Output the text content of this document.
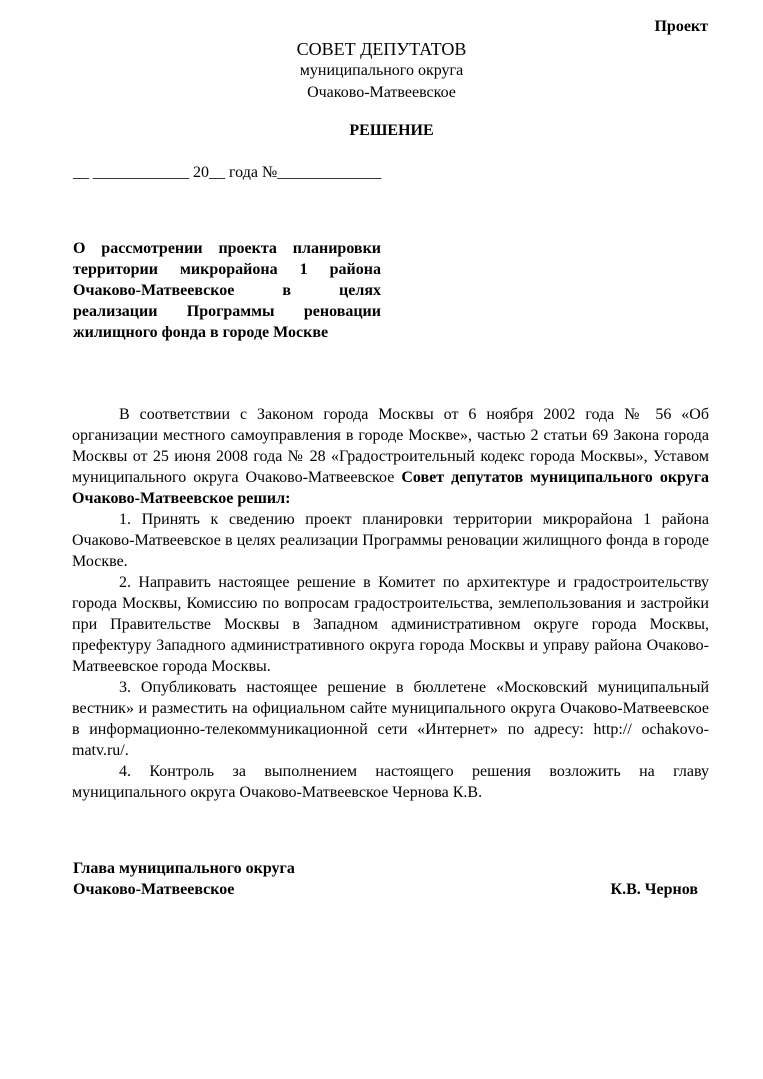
Проект
СОВЕТ ДЕПУТАТОВ
муниципального округа
Очаково-Матвеевское
РЕШЕНИЕ
__ ____________ 20__ года №_____________
О рассмотрении проекта планировки территории микрорайона 1 района Очаково-Матвеевское в целях реализации Программы реновации жилищного фонда в городе Москве

В соответствии с Законом города Москвы от 6 ноября 2002 года № 56 «Об организации местного самоуправления в городе Москве», частью 2 статьи 69 Закона города Москвы от 25 июня 2008 года № 28 «Градостроительный кодекс города Москвы», Уставом муниципального округа Очаково-Матвеевское Совет депутатов муниципального округа Очаково-Матвеевское решил:

1. Принять к сведению проект планировки территории микрорайона 1 района Очаково-Матвеевское в целях реализации Программы реновации жилищного фонда в городе Москве.

2. Направить настоящее решение в Комитет по архитектуре и градостроительству города Москвы, Комиссию по вопросам градостроительства, землепользования и застройки при Правительстве Москвы в Западном административном округе города Москвы, префектуру Западного административного округа города Москвы и управу района Очаково-Матвеевское города Москвы.

3. Опубликовать настоящее решение в бюллетене «Московский муниципальный вестник» и разместить на официальном сайте муниципального округа Очаково-Матвеевское в информационно-телекоммуникационной сети «Интернет» по адресу: http:// ochakovo-matv.ru/.

4. Контроль за выполнением настоящего решения возложить на главу муниципального округа Очаково-Матвеевское Чернова К.В.

Глава муниципального округа
Очаково-Матвеевское	К.В. Чернов
